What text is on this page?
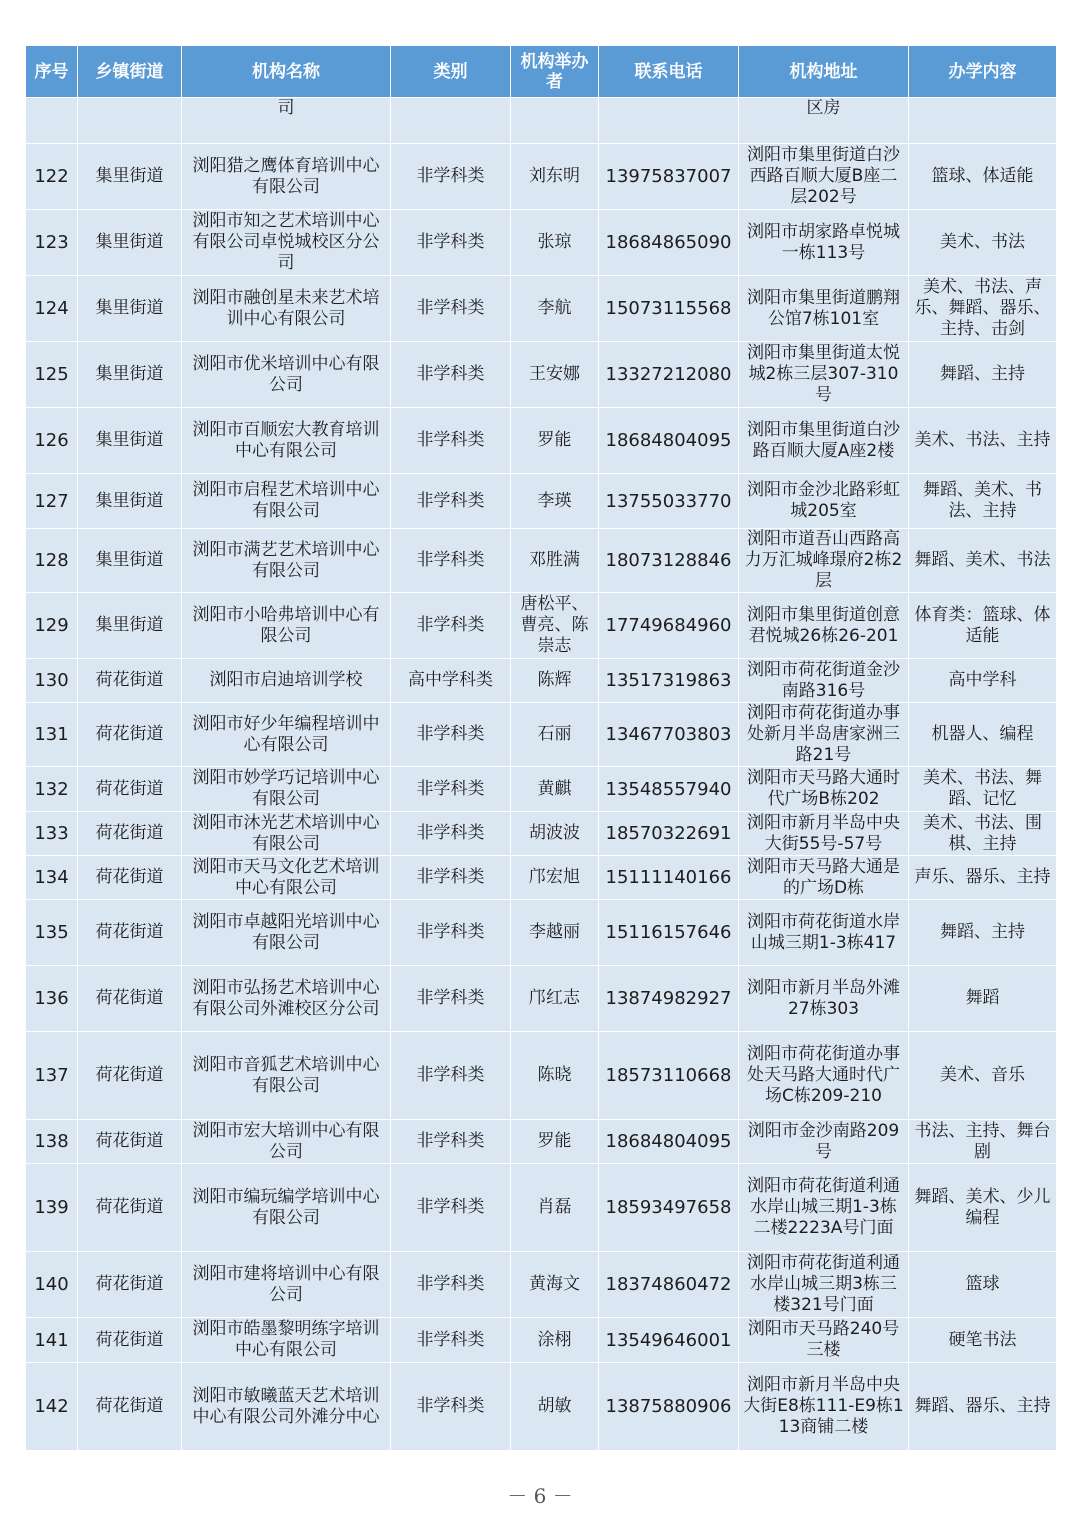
序号	乡镇街道	机构名称	类别	机构举办者	联系电话	机构地址	办学内容
		司				区房	
122	集里街道	浏阳猎之鹰体育培训中心有限公司	非学科类	刘东明	13975837007	浏阳市集里街道白沙西路百顺大厦B座二层202号	篮球、体适能
123	集里街道	浏阳市知之艺术培训中心有限公司卓悦城校区分公司	非学科类	张琼	18684865090	浏阳市胡家路卓悦城一栋113号	美术、书法
124	集里街道	浏阳市融创星未来艺术培训中心有限公司	非学科类	李航	15073115568	浏阳市集里街道鹏翔公馆7栋101室	美术、书法、声乐、舞蹈、器乐、主持、击剑
125	集里街道	浏阳市优米培训中心有限公司	非学科类	王安娜	13327212080	浏阳市集里街道太悦城2栋三层307-310号	舞蹈、主持
126	集里街道	浏阳市百顺宏大教育培训中心有限公司	非学科类	罗能	18684804095	浏阳市集里街道白沙路百顺大厦A座2楼	美术、书法、主持
127	集里街道	浏阳市启程艺术培训中心有限公司	非学科类	李瑛	13755033770	浏阳市金沙北路彩虹城205室	舞蹈、美术、书法、主持
128	集里街道	浏阳市满艺艺术培训中心有限公司	非学科类	邓胜满	18073128846	浏阳市道吾山西路高力万汇城峰璟府2栋2层	舞蹈、美术、书法
129	集里街道	浏阳市小哈弗培训中心有限公司	非学科类	唐松平、曹亮、陈崇志	17749684960	浏阳市集里街道创意君悦城26栋26-201	体育类：篮球、体适能
130	荷花街道	浏阳市启迪培训学校	高中学科类	陈辉	13517319863	浏阳市荷花街道金沙南路316号	高中学科
131	荷花街道	浏阳市好少年编程培训中心有限公司	非学科类	石丽	13467703803	浏阳市荷花街道办事处新月半岛唐家洲三路21号	机器人、编程
132	荷花街道	浏阳市妙学巧记培训中心有限公司	非学科类	黄麒	13548557940	浏阳市天马路大通时代广场B栋202	美术、书法、舞蹈、记忆
133	荷花街道	浏阳市沐光艺术培训中心有限公司	非学科类	胡波波	18570322691	浏阳市新月半岛中央大街55号-57号	美术、书法、围棋、主持
134	荷花街道	浏阳市天马文化艺术培训中心有限公司	非学科类	邝宏旭	15111140166	浏阳市天马路大通是的广场D栋	声乐、器乐、主持
135	荷花街道	浏阳市卓越阳光培训中心有限公司	非学科类	李越丽	15116157646	浏阳市荷花街道水岸山城三期1-3栋417	舞蹈、主持
136	荷花街道	浏阳市弘扬艺术培训中心有限公司外滩校区分公司	非学科类	邝红志	13874982927	浏阳市新月半岛外滩27栋303	舞蹈
137	荷花街道	浏阳市音狐艺术培训中心有限公司	非学科类	陈晓	18573110668	浏阳市荷花街道办事处天马路大通时代广场C栋209-210	美术、音乐
138	荷花街道	浏阳市宏大培训中心有限公司	非学科类	罗能	18684804095	浏阳市金沙南路209号	书法、主持、舞台剧
139	荷花街道	浏阳市编玩编学培训中心有限公司	非学科类	肖磊	18593497658	浏阳市荷花街道利通水岸山城三期1-3栋二楼2223A号门面	舞蹈、美术、少儿编程
140	荷花街道	浏阳市建将培训中心有限公司	非学科类	黄海文	18374860472	浏阳市荷花街道利通水岸山城三期3栋三楼321号门面	篮球
141	荷花街道	浏阳市皓墨黎明练字培训中心有限公司	非学科类	涂栩	13549646001	浏阳市天马路240号三楼	硬笔书法
142	荷花街道	浏阳市敏曦蓝天艺术培训中心有限公司外滩分中心	非学科类	胡敏	13875880906	浏阳市新月半岛中央大街E8栋111-E9栋113商铺二楼	舞蹈、器乐、主持
－ 6 －
